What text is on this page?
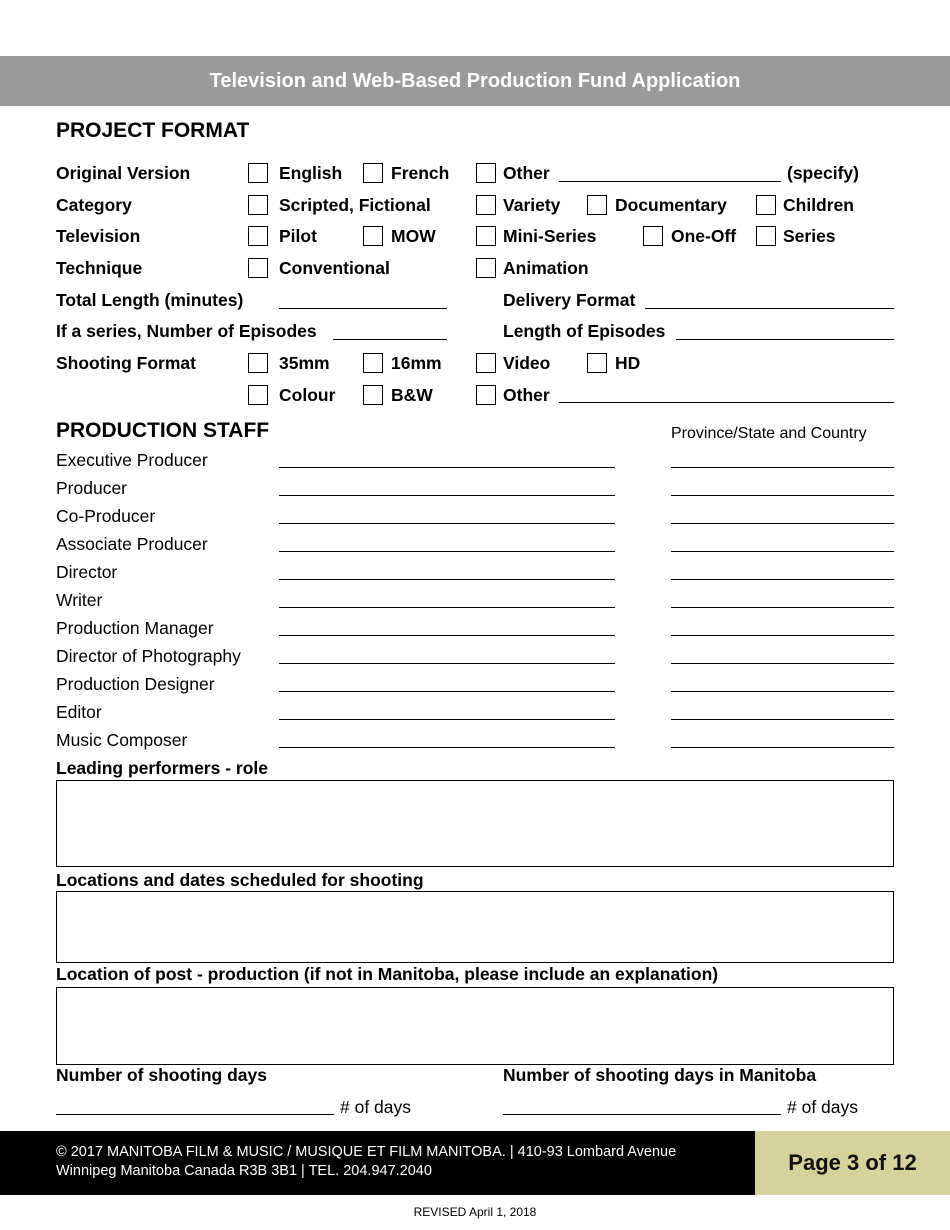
Television and Web-Based Production Fund Application
PROJECT FORMAT
Original Version	English	French	Other	(specify)
Category	Scripted, Fictional	Variety	Documentary	Children
Television	Pilot	MOW	Mini-Series	One-Off	Series
Technique	Conventional	Animation
Total Length (minutes)	Delivery Format
If a series, Number of Episodes	Length of Episodes
Shooting Format	35mm	16mm	Video	HD
Colour	B&W	Other
PRODUCTION STAFF	Province/State and Country
Executive Producer
Producer
Co-Producer
Associate Producer
Director
Writer
Production Manager
Director of Photography
Production Designer
Editor
Music Composer
Leading performers - role
Locations and dates scheduled for shooting
Location of post - production (if not in Manitoba, please include an explanation)
Number of shooting days
# of days
Number of shooting days in Manitoba
# of days
© 2017 MANITOBA FILM & MUSIC / MUSIQUE ET FILM MANITOBA. | 410-93 Lombard Avenue Winnipeg Manitoba Canada R3B 3B1 | TEL. 204.947.2040	Page 3 of 12
REVISED April 1, 2018
